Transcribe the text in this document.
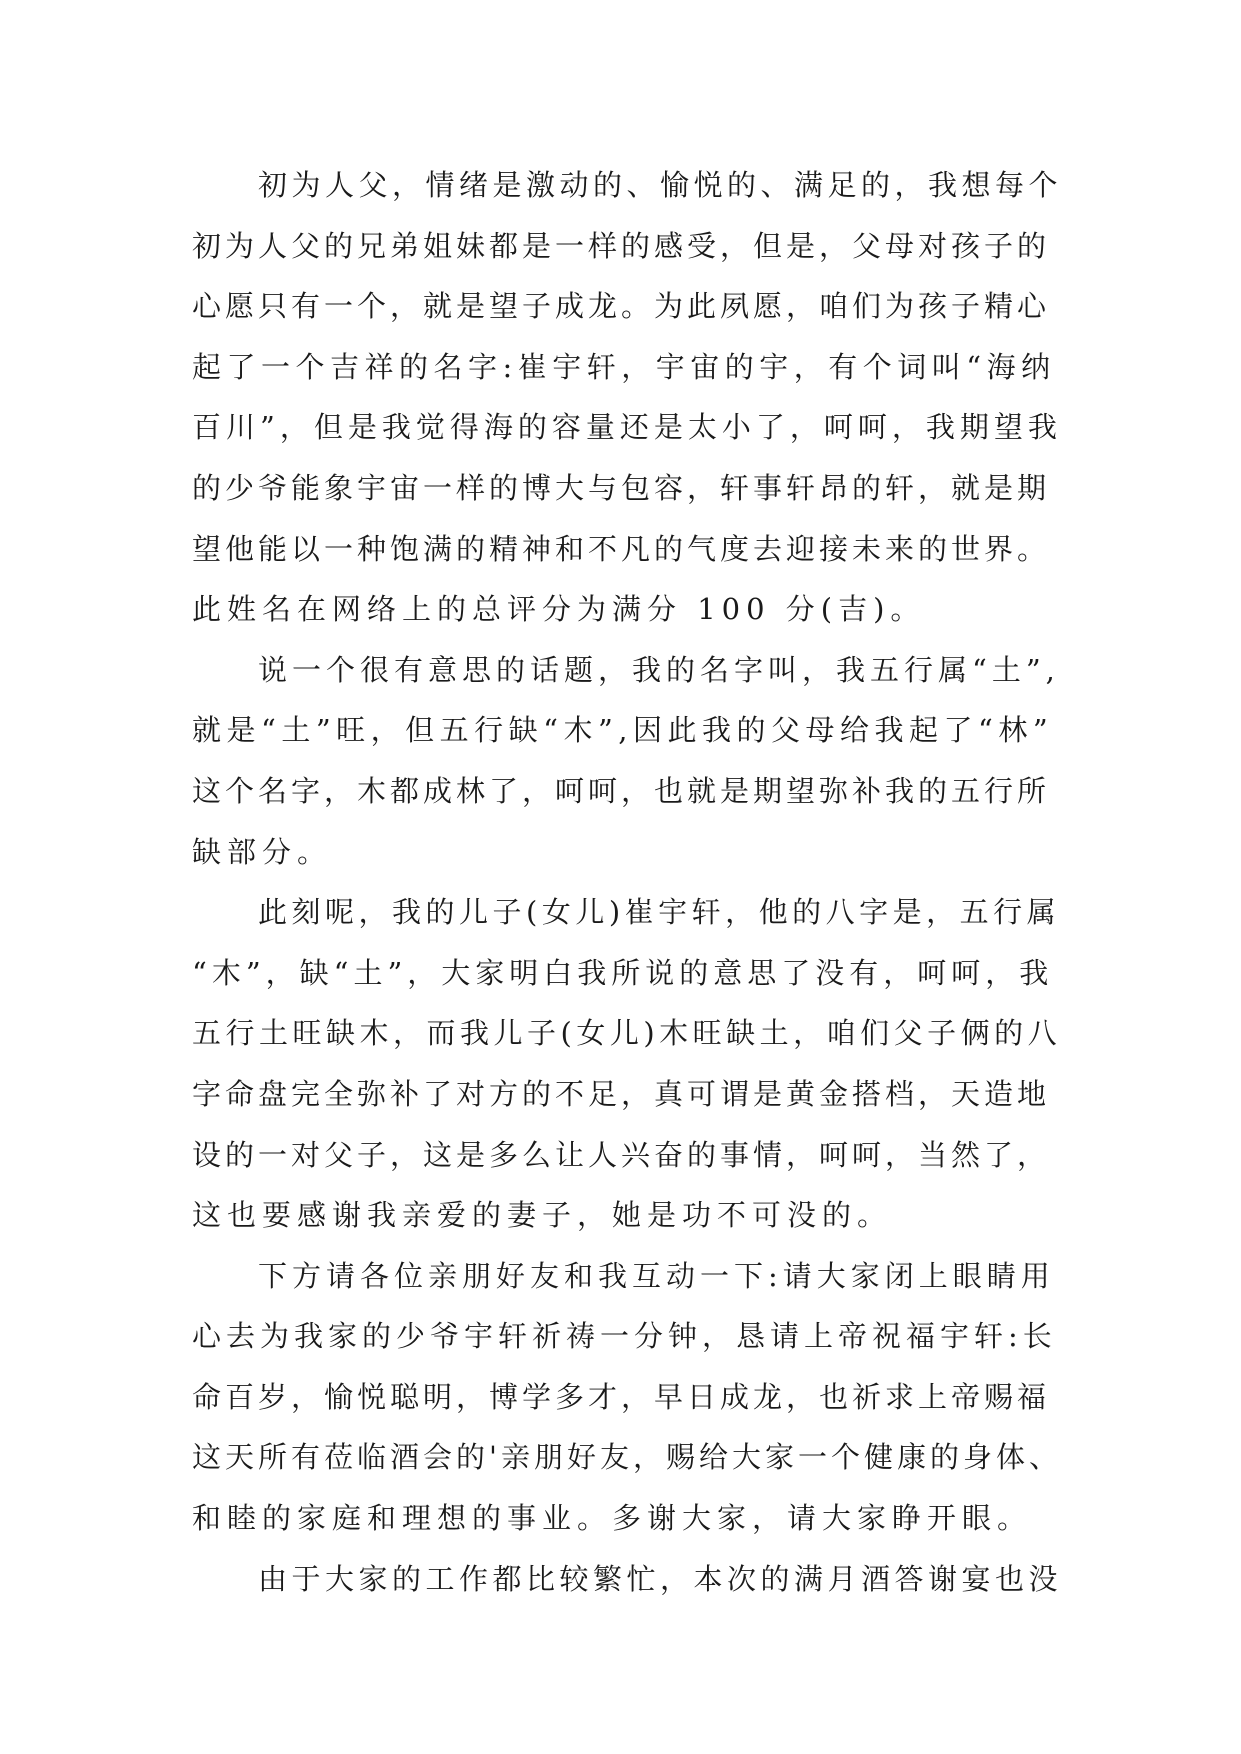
初为人父，情绪是激动的、愉悦的、满足的，我想每个
初为人父的兄弟姐妹都是一样的感受，但是，父母对孩子的
心愿只有一个，就是望子成龙。为此夙愿，咱们为孩子精心
起了一个吉祥的名字:崔宇轩，宇宙的宇，有个词叫“海纳
百川”，但是我觉得海的容量还是太小了，呵呵，我期望我
的少爷能象宇宙一样的博大与包容，轩事轩昂的轩，就是期
望他能以一种饱满的精神和不凡的气度去迎接未来的世界。
此姓名在网络上的总评分为满分 100 分(吉)。
说一个很有意思的话题，我的名字叫，我五行属“土”,
就是“土”旺，但五行缺“木”,因此我的父母给我起了“林”
这个名字，木都成林了，呵呵，也就是期望弥补我的五行所
缺部分。
此刻呢，我的儿子(女儿)崔宇轩，他的八字是，五行属
“木”，缺“土”，大家明白我所说的意思了没有，呵呵，我
五行土旺缺木，而我儿子(女儿)木旺缺土，咱们父子俩的八
字命盘完全弥补了对方的不足，真可谓是黄金搭档，天造地
设的一对父子，这是多么让人兴奋的事情，呵呵，当然了，
这也要感谢我亲爱的妻子，她是功不可没的。
下方请各位亲朋好友和我互动一下:请大家闭上眼睛用
心去为我家的少爷宇轩祈祷一分钟，恳请上帝祝福宇轩:长
命百岁，愉悦聪明，博学多才，早日成龙，也祈求上帝赐福
这天所有莅临酒会的'亲朋好友，赐给大家一个健康的身体、
和睦的家庭和理想的事业。多谢大家，请大家睁开眼。
由于大家的工作都比较繁忙，本次的满月酒答谢宴也没
